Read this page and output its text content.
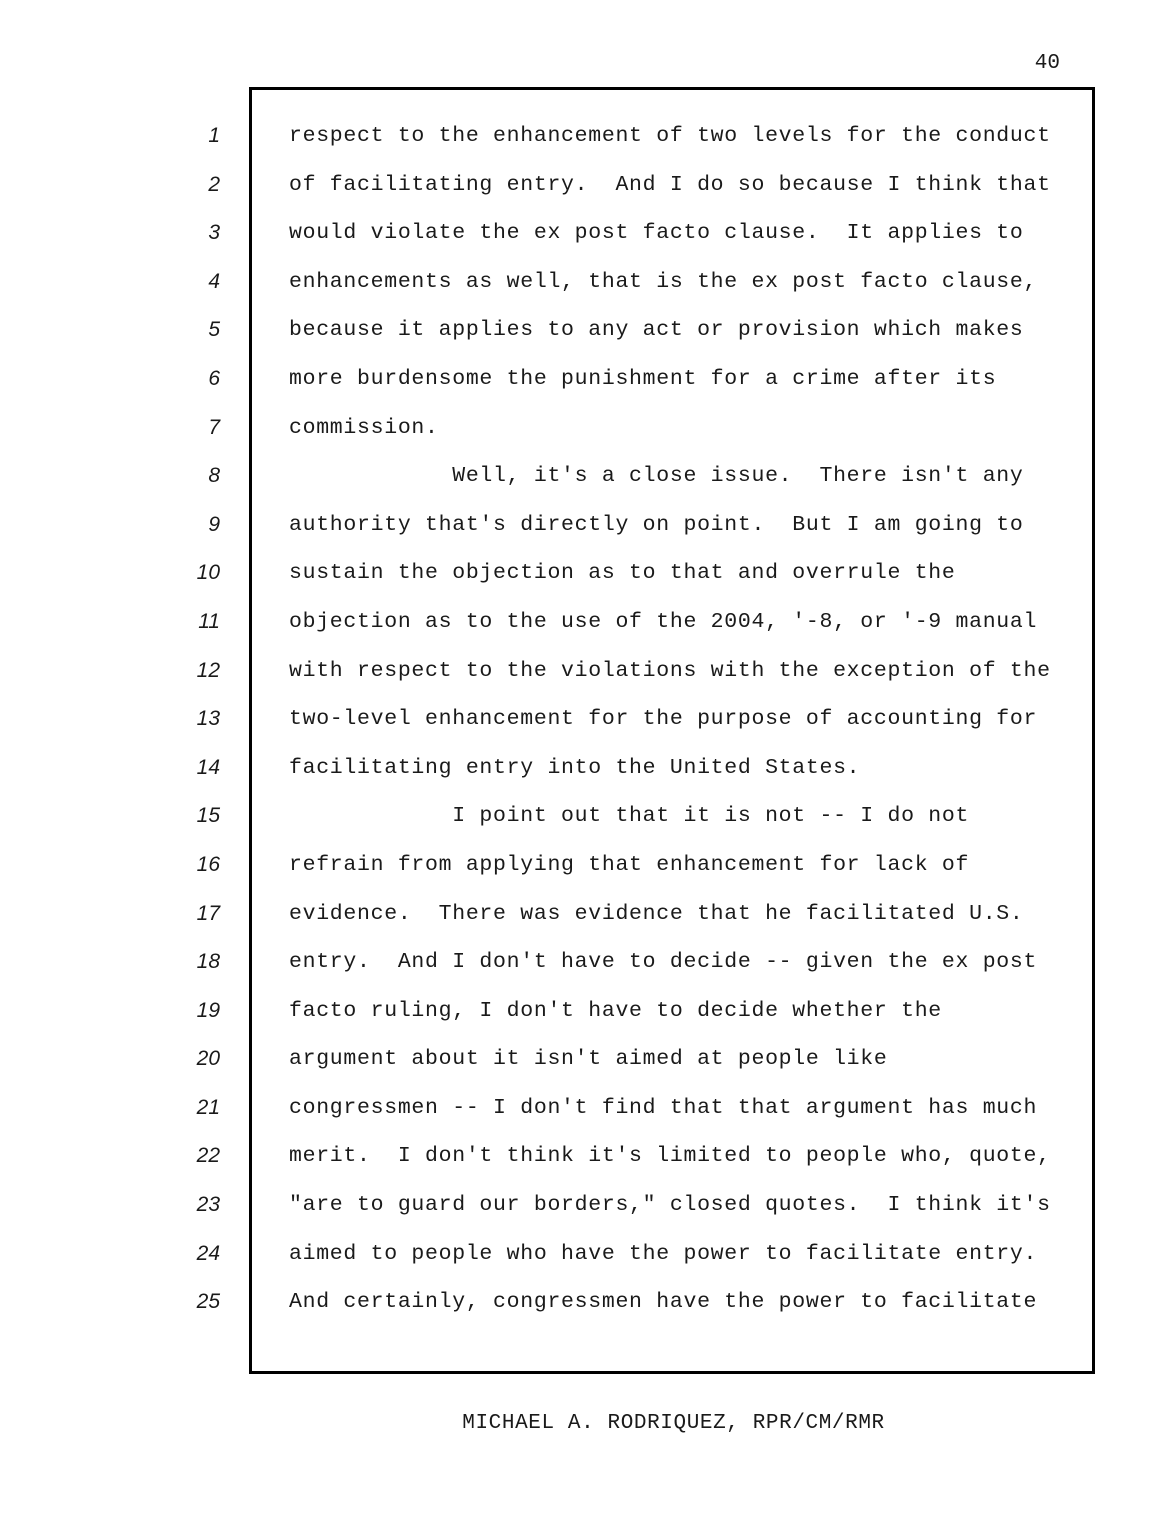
40
1
2
3
4
5
6
7
8
9
10
11
12
13
14
15
16
17
18
19
20
21
22
23
24
25
respect to the enhancement of two levels for the conduct
of facilitating entry.  And I do so because I think that
would violate the ex post facto clause.  It applies to
enhancements as well, that is the ex post facto clause,
because it applies to any act or provision which makes
more burdensome the punishment for a crime after its
commission.
Well, it's a close issue.  There isn't any
authority that's directly on point.  But I am going to
sustain the objection as to that and overrule the
objection as to the use of the 2004, '-8, or '-9 manual
with respect to the violations with the exception of the
two-level enhancement for the purpose of accounting for
facilitating entry into the United States.
I point out that it is not -- I do not
refrain from applying that enhancement for lack of
evidence.  There was evidence that he facilitated U.S.
entry.  And I don't have to decide -- given the ex post
facto ruling, I don't have to decide whether the
argument about it isn't aimed at people like
congressmen -- I don't find that that argument has much
merit.  I don't think it's limited to people who, quote,
"are to guard our borders," closed quotes.  I think it's
aimed to people who have the power to facilitate entry.
And certainly, congressmen have the power to facilitate
MICHAEL A. RODRIQUEZ, RPR/CM/RMR
